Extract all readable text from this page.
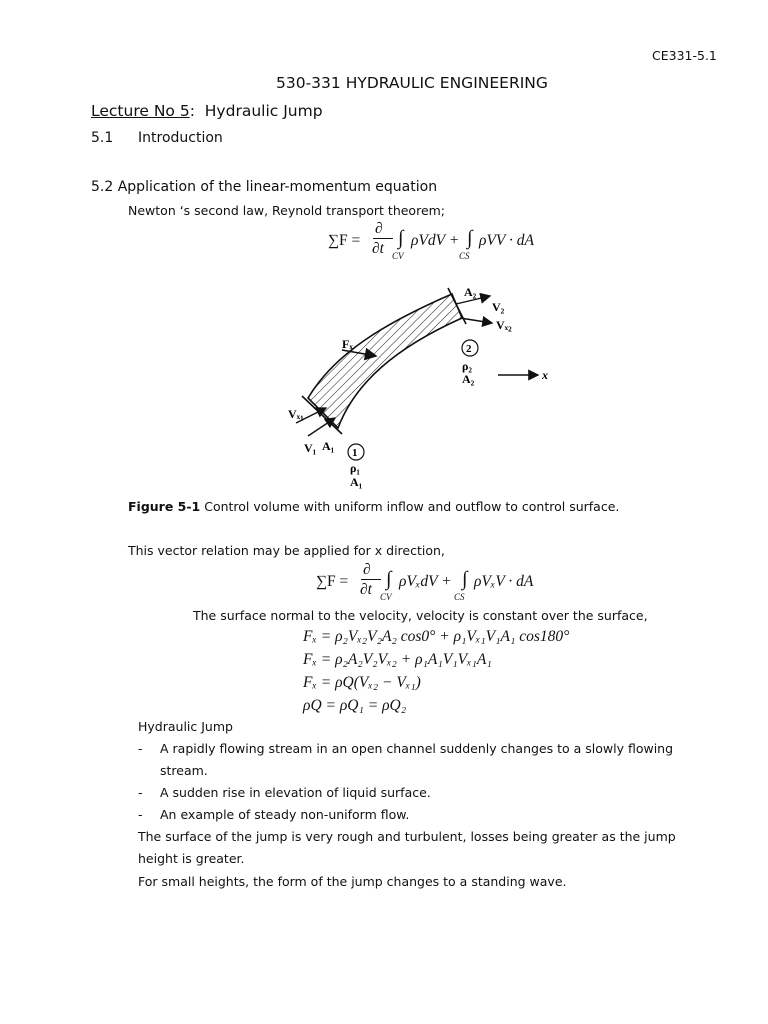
CE331-5.1
530-331 HYDRAULIC ENGINEERING
Lecture No 5: Hydraulic Jump
5.1 Introduction
5.2 Application of the linear-momentum equation
Newton ‘s second law, Reynold transport theorem;
∑F =
∂
∂t ∫ ρVdV +
CV
∫ ρVV · dA
CS
A₂
V₂
Vₓ₂
Fₓ	2
ρ₂
A₂	x
Vₓ₁
V₁ A₁ 1
ρ₁
A₁
Figure 5-1 Control volume with uniform inflow and outflow to control surface.
This vector relation may be applied for x direction,
∑F =
∂
∂t ∫ ρVₓdV +
CV
∫ ρVₓV · dA
CS
The surface normal to the velocity, velocity is constant over the surface,
Fₓ = ρ₂Vₓ₂V₂A₂ cos0° + ρ₁Vₓ₁V₁A₁ cos180°
Fₓ = ρ₂A₂V₂Vₓ₂ + ρ₁A₁V₁Vₓ₁A₁
Fₓ = ρQ(Vₓ₂ − Vₓ₁)
ρQ = ρQ₁ = ρQ₂
Hydraulic Jump
- A rapidly flowing stream in an open channel suddenly changes to a slowly flowing
stream.
- A sudden rise in elevation of liquid surface.
- An example of steady non-uniform flow.
The surface of the jump is very rough and turbulent, losses being greater as the jump
height is greater.
For small heights, the form of the jump changes to a standing wave.
